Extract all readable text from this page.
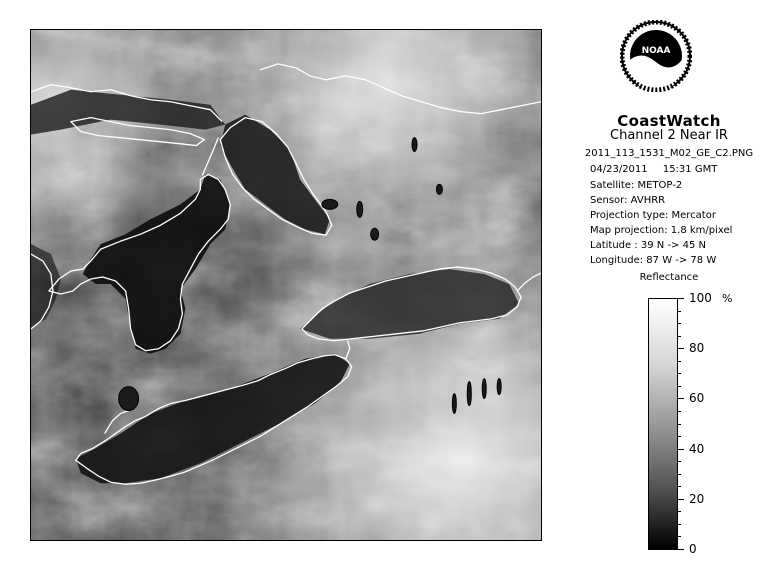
NOAA
CoastWatch
Channel 2 Near IR
2011_113_1531_M02_GE_C2.PNG
04/23/2011 15:31 GMT
Satellite: METOP-2
Sensor: AVHRR
Projection type: Mercator
Map projection: 1.8 km/pixel
Latitude : 39 N -> 45 N
Longitude: 87 W -> 78 W
Reflectance
%
100
80
60
40
20
0
